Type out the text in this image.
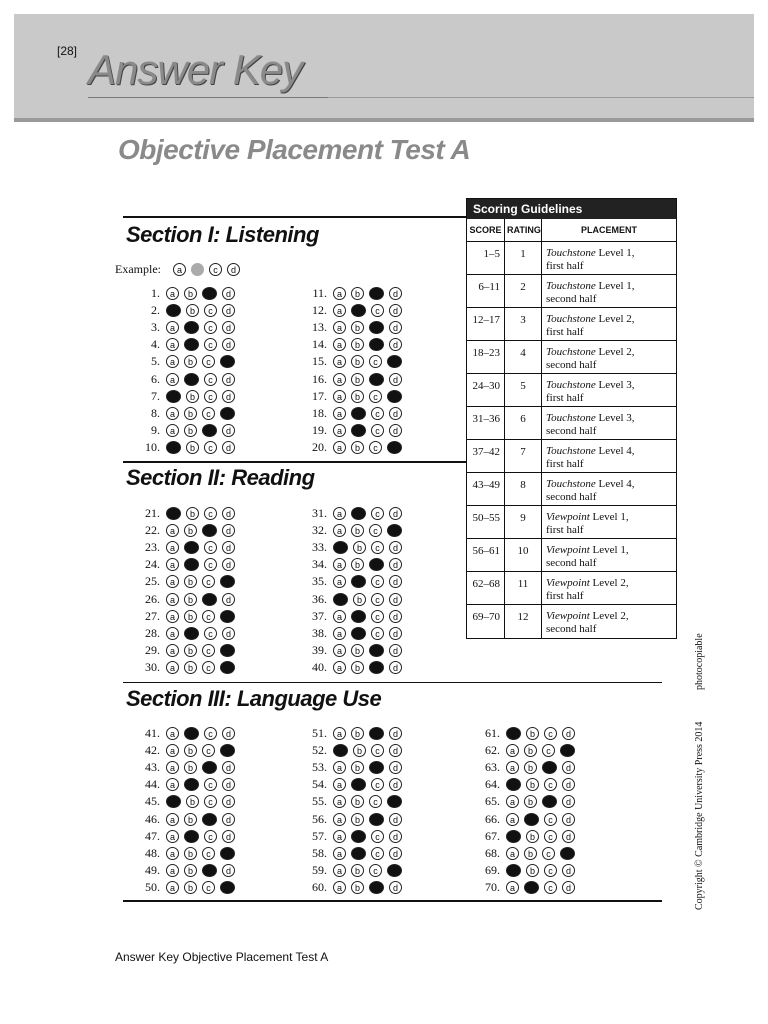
[28] Answer Key
Objective Placement Test A
Section I: Listening
Example:	a	c	d
Section II: Reading
Section III: Language Use
1.	a	b	d
2.	b	c	d
3.	a	c	d
4.	a	c	d
5.	a	b	c
6.	a	c	d
7.	b	c	d
8.	a	b	c
9.	a	b	d
10.	b	c	d
11.	a	b	d
12.	a	c	d
13.	a	b	d
14.	a	b	d
15.	a	b	c
16.	a	b	d
17.	a	b	c
18.	a	c	d
19.	a	c	d
20.	a	b	c
21.	b	c	d
22.	a	b	d
23.	a	c	d
24.	a	c	d
25.	a	b	c
26.	a	b	d
27.	a	b	c
28.	a	c	d
29.	a	b	c
30.	a	b	c
31.	a	c	d
32.	a	b	c
33.	b	c	d
34.	a	b	d
35.	a	c	d
36.	b	c	d
37.	a	c	d
38.	a	c	d
39.	a	b	d
40.	a	b	d
41.	a	c	d
42.	a	b	c
43.	a	b	d
44.	a	c	d
45.	b	c	d
46.	a	b	d
47.	a	c	d
48.	a	b	c
49.	a	b	d
50.	a	b	c
51.	a	b	d
52.	b	c	d
53.	a	b	d
54.	a	c	d
55.	a	b	c
56.	a	b	d
57.	a	c	d
58.	a	c	d
59.	a	b	c
60.	a	b	d
61.	b	c	d
62.	a	b	c
63.	a	b	d
64.	b	c	d
65.	a	b	d
66.	a	c	d
67.	b	c	d
68.	a	b	c
69.	b	c	d
70.	a	c	d
Scoring Guidelines
SCORE RATING	PLACEMENT
1–5	1	Touchstone Level 1,
first half
6–11	2	Touchstone Level 1,
second half
12–17	3	Touchstone Level 2,
first half
18–23	4	Touchstone Level 2,
second half
24–30	5	Touchstone Level 3,
first half
31–36	6	Touchstone Level 3,
second half
37–42	7	Touchstone Level 4,
first half
43–49	8	Touchstone Level 4,
second half
50–55	9	Viewpoint Level 1,
first half
56–61	10	Viewpoint Level 1,
second half
62–68	11	Viewpoint Level 2,
first half
69–70	12	Viewpoint Level 2,
second half
photocopiable
Copyright © Cambridge University Press 2014
Answer Key Objective Placement Test A
